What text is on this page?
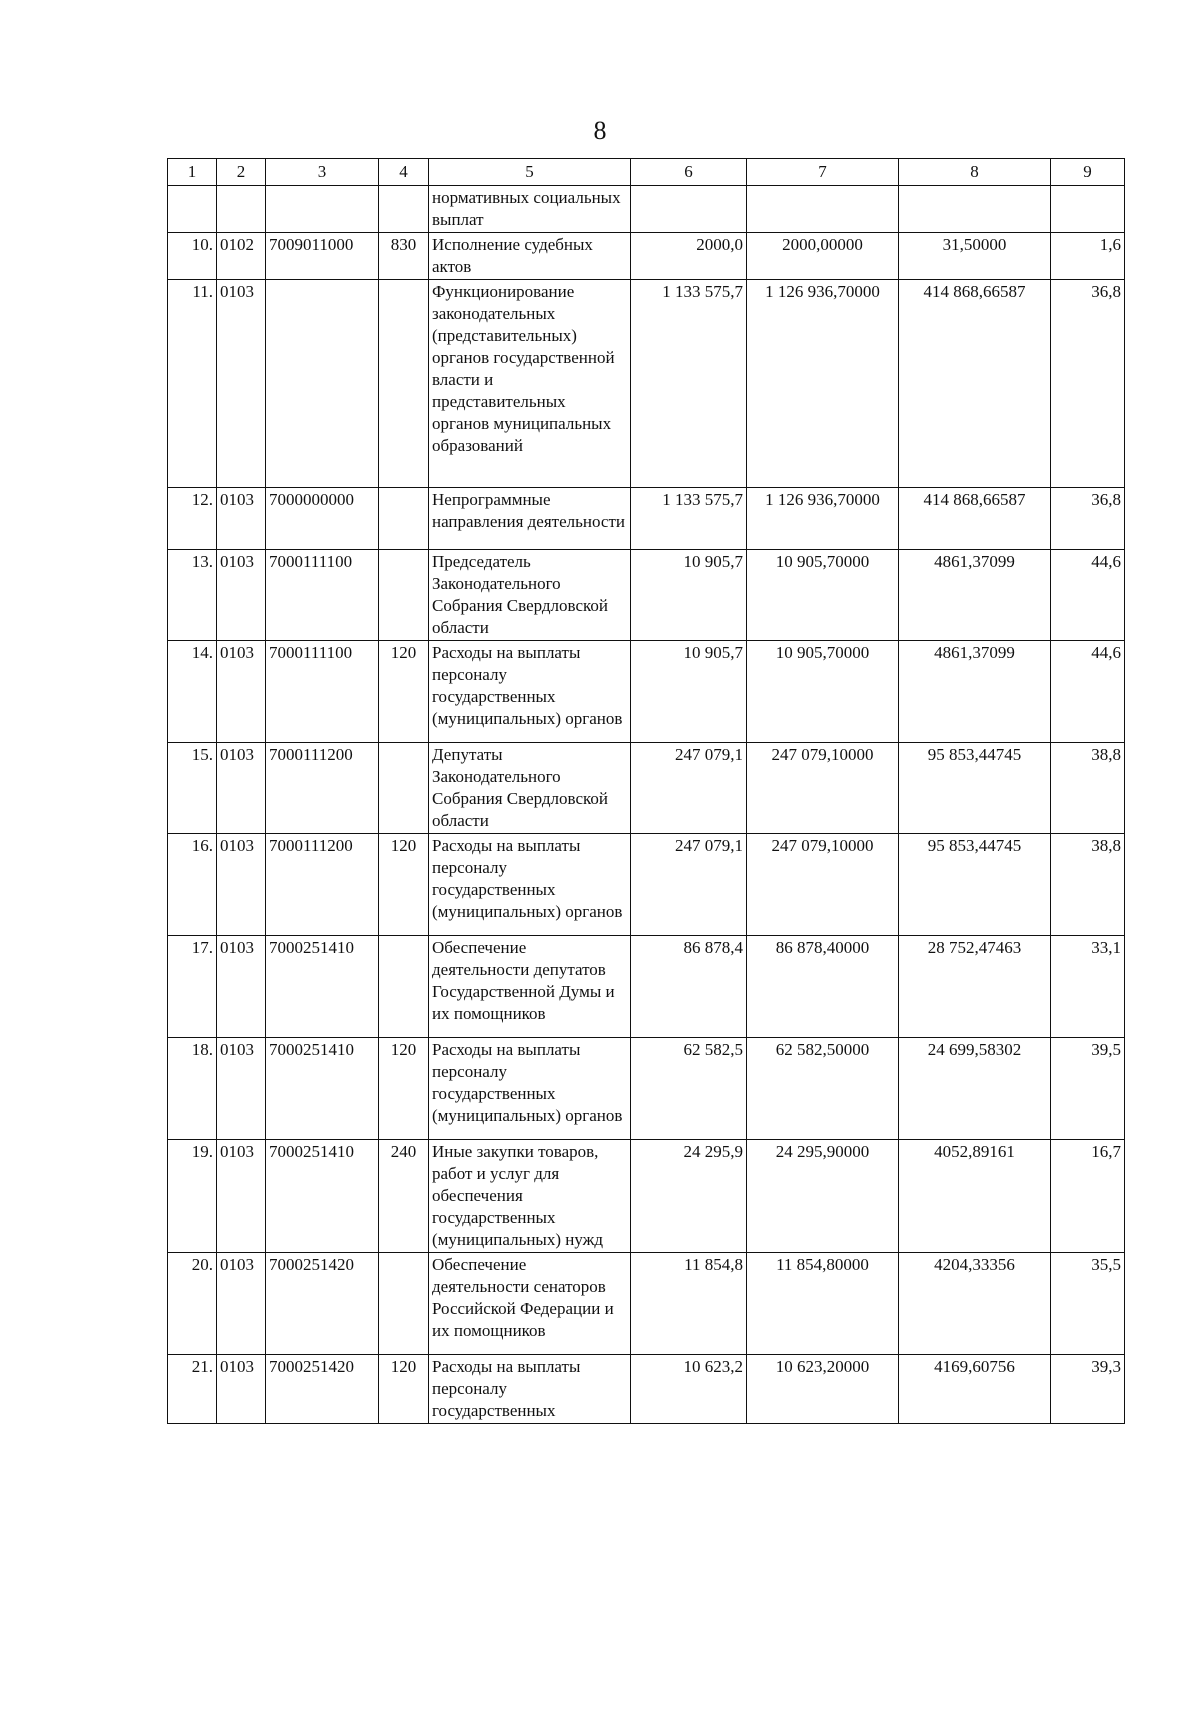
8
1	2	3	4	5	6	7	8	9
				нормативных социальных выплат				
10.	0102	7009011000	830	Исполнение судебных актов	2000,0	2000,00000	31,50000	1,6
11.	0103			Функционирование законодательных (представительных) органов государственной власти и представительных органов муниципальных образований	1 133 575,7	1 126 936,70000	414 868,66587	36,8
12.	0103	7000000000		Непрограммные направления деятельности	1 133 575,7	1 126 936,70000	414 868,66587	36,8
13.	0103	7000111100		Председатель Законодательного Собрания Свердловской области	10 905,7	10 905,70000	4861,37099	44,6
14.	0103	7000111100	120	Расходы на выплаты персоналу государственных (муниципальных) органов	10 905,7	10 905,70000	4861,37099	44,6
15.	0103	7000111200		Депутаты Законодательного Собрания Свердловской области	247 079,1	247 079,10000	95 853,44745	38,8
16.	0103	7000111200	120	Расходы на выплаты персоналу государственных (муниципальных) органов	247 079,1	247 079,10000	95 853,44745	38,8
17.	0103	7000251410		Обеспечение деятельности депутатов Государственной Думы и их помощников	86 878,4	86 878,40000	28 752,47463	33,1
18.	0103	7000251410	120	Расходы на выплаты персоналу государственных (муниципальных) органов	62 582,5	62 582,50000	24 699,58302	39,5
19.	0103	7000251410	240	Иные закупки товаров, работ и услуг для обеспечения государственных (муниципальных) нужд	24 295,9	24 295,90000	4052,89161	16,7
20.	0103	7000251420		Обеспечение деятельности сенаторов Российской Федерации и их помощников	11 854,8	11 854,80000	4204,33356	35,5
21.	0103	7000251420	120	Расходы на выплаты персоналу государственных	10 623,2	10 623,20000	4169,60756	39,3
